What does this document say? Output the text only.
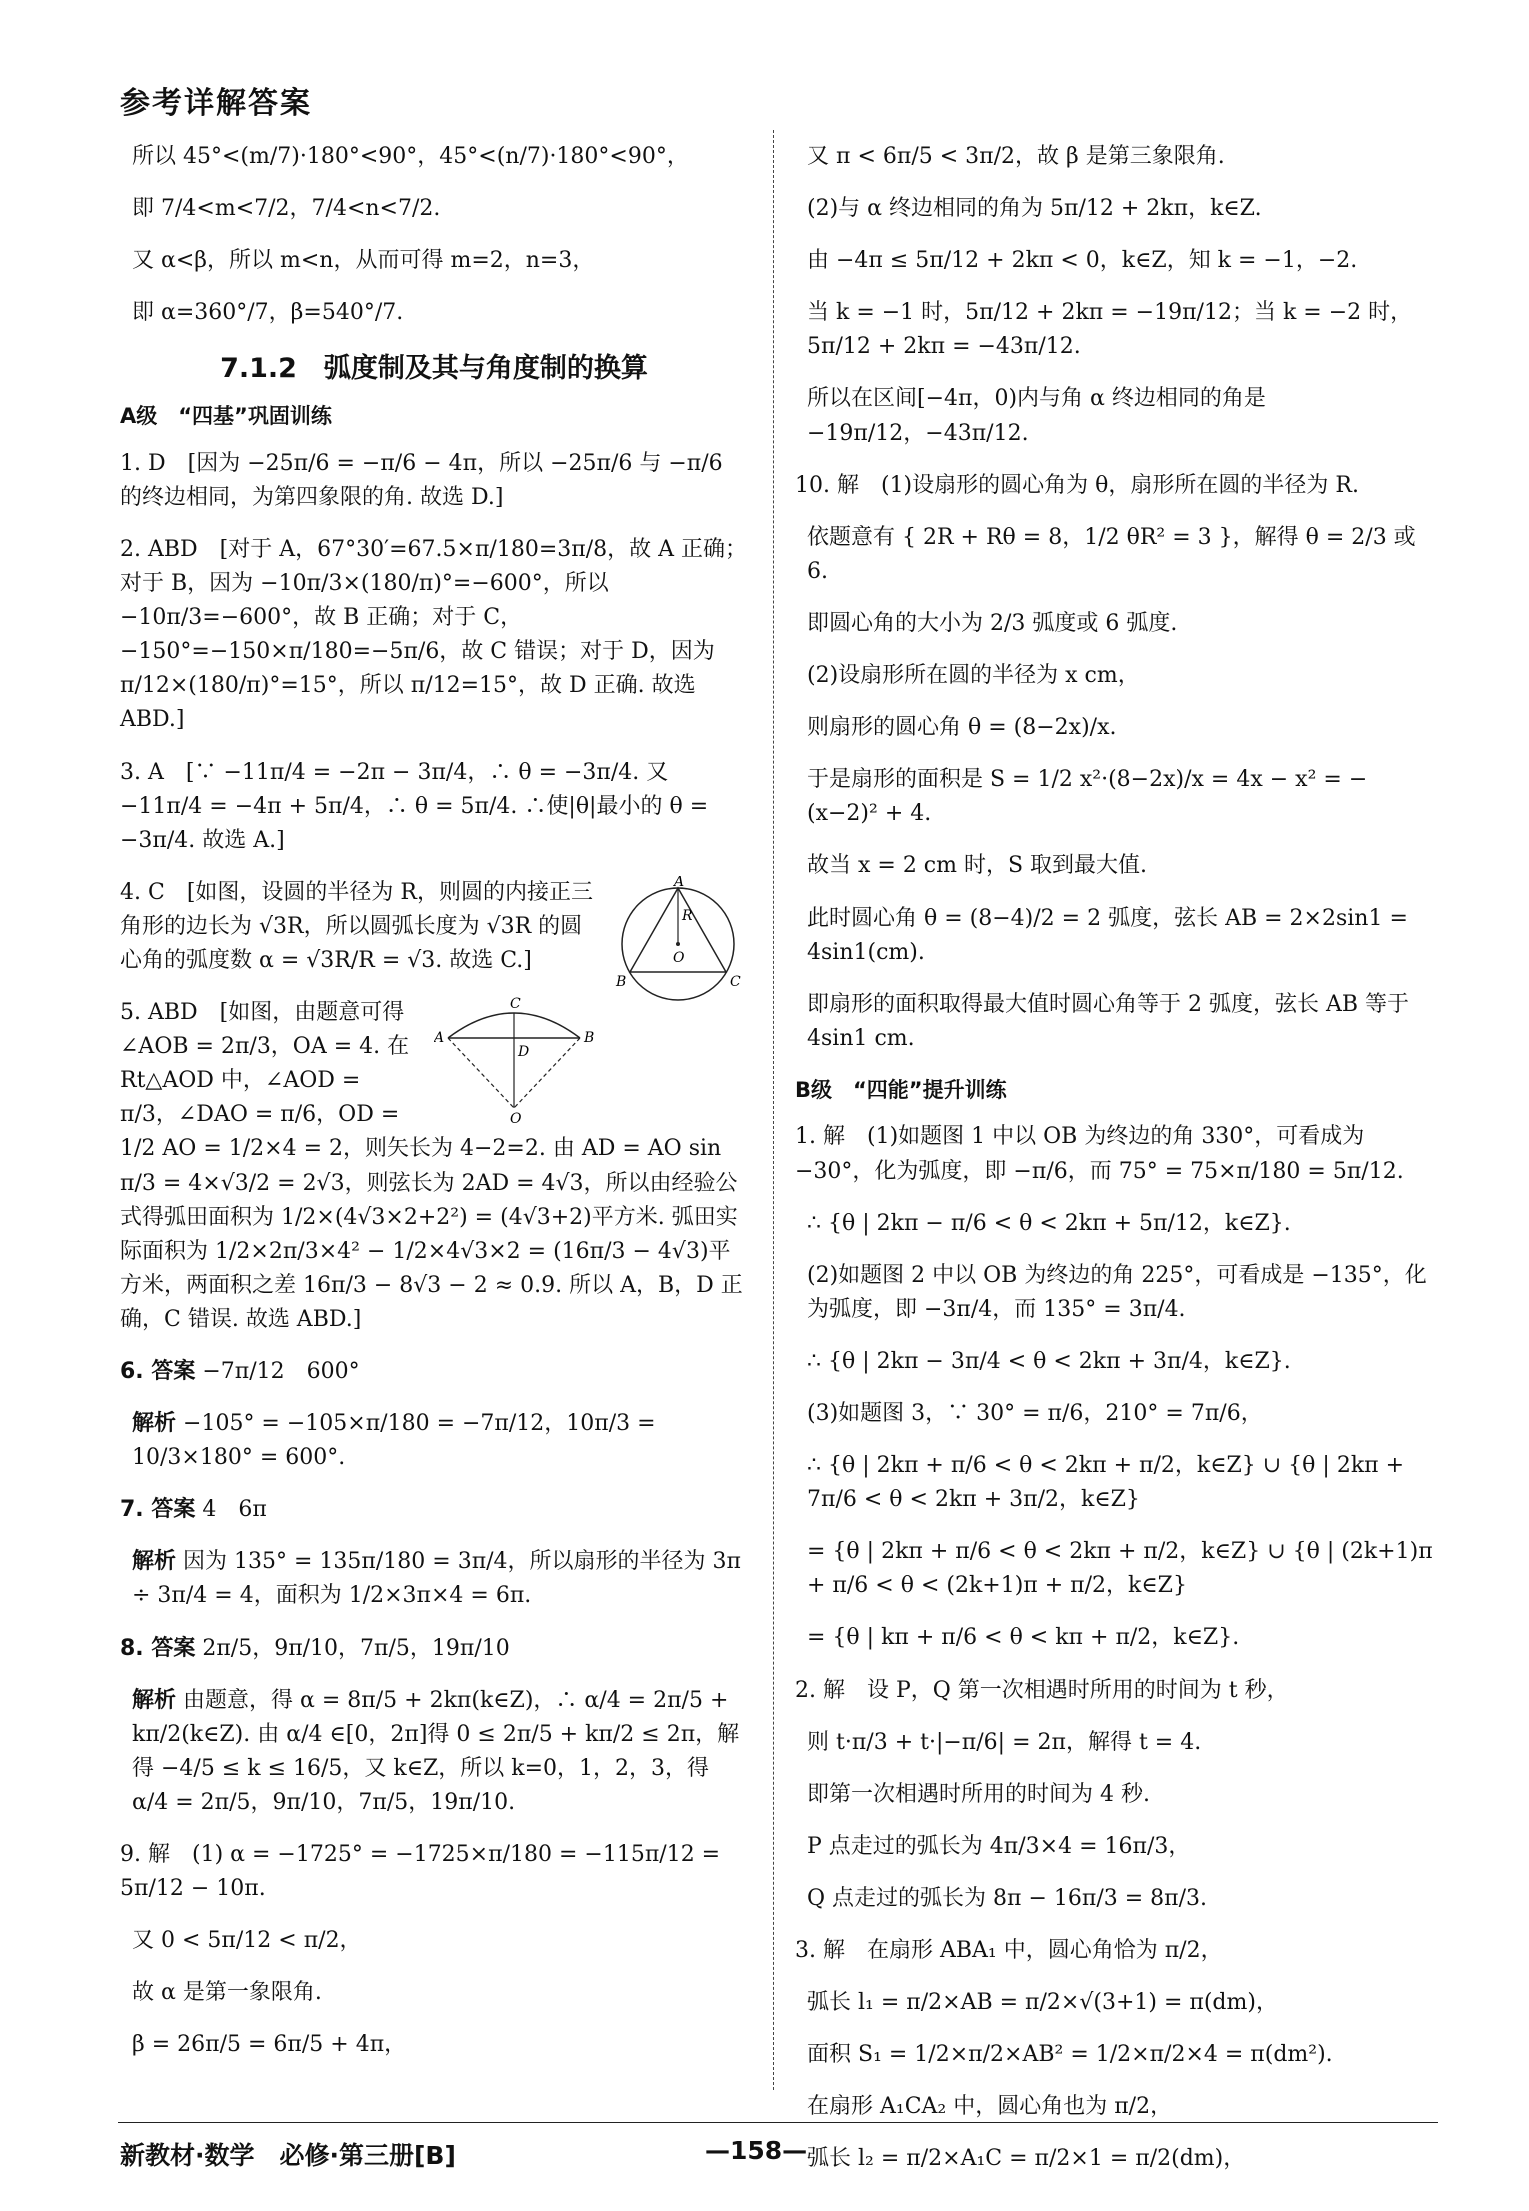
参考详解答案
所以 45°<(m/7)·180°<90°，45°<(n/7)·180°<90°，
即 7/4<m<7/2，7/4<n<7/2.
又 α<β，所以 m<n，从而可得 m=2，n=3，
即 α=360°/7，β=540°/7.
7.1.2　弧度制及其与角度制的换算
A级　“四基”巩固训练
1. D　[因为 −25π/6 = −π/6 − 4π，所以 −25π/6 与 −π/6 的终边相同，为第四象限的角. 故选 D.]
2. ABD　[对于 A，67°30′=67.5×π/180=3π/8，故 A 正确；对于 B，因为 −10π/3×(180/π)°=−600°，所以 −10π/3=−600°，故 B 正确；对于 C，−150°=−150×π/180=−5π/6，故 C 错误；对于 D，因为 π/12×(180/π)°=15°，所以 π/12=15°，故 D 正确. 故选 ABD.]
3. A　[∵ −11π/4 = −2π − 3π/4，∴ θ = −3π/4. 又 −11π/4 = −4π + 5π/4，∴ θ = 5π/4. ∴使|θ|最小的 θ = −3π/4. 故选 A.]
A
B	C
O
R
4. C　[如图，设圆的半径为 R，则圆的内接正三角形的边长为 √3R，所以圆弧长度为 √3R 的圆心角的弧度数 α = √3R/R = √3. 故选 C.]
C
A	B
D
O
5. ABD　[如图，由题意可得 ∠AOB = 2π/3，OA = 4. 在 Rt△AOD 中，∠AOD = π/3，∠DAO = π/6，OD = 1/2 AO = 1/2×4 = 2，则矢长为 4−2=2. 由 AD = AO sin π/3 = 4×√3/2 = 2√3，则弦长为 2AD = 4√3，所以由经验公式得弧田面积为 1/2×(4√3×2+2²) = (4√3+2)平方米. 弧田实际面积为 1/2×2π/3×4² − 1/2×4√3×2 = (16π/3 − 4√3)平方米，两面积之差 16π/3 − 8√3 − 2 ≈ 0.9. 所以 A，B，D 正确，C 错误. 故选 ABD.]
6. 答案 −7π/12　600°
解析 −105° = −105×π/180 = −7π/12，10π/3 = 10/3×180° = 600°.
7. 答案 4　6π
解析 因为 135° = 135π/180 = 3π/4，所以扇形的半径为 3π ÷ 3π/4 = 4，面积为 1/2×3π×4 = 6π.
8. 答案 2π/5，9π/10，7π/5，19π/10
解析 由题意，得 α = 8π/5 + 2kπ(k∈Z)，∴ α/4 = 2π/5 + kπ/2(k∈Z). 由 α/4 ∈[0，2π]得 0 ≤ 2π/5 + kπ/2 ≤ 2π，解得 −4/5 ≤ k ≤ 16/5，又 k∈Z，所以 k=0，1，2，3，得 α/4 = 2π/5，9π/10，7π/5，19π/10.
9. 解　(1) α = −1725° = −1725×π/180 = −115π/12 = 5π/12 − 10π.
又 0 < 5π/12 < π/2，
故 α 是第一象限角.
β = 26π/5 = 6π/5 + 4π，
又 π < 6π/5 < 3π/2，故 β 是第三象限角.
(2)与 α 终边相同的角为 5π/12 + 2kπ，k∈Z.
由 −4π ≤ 5π/12 + 2kπ < 0，k∈Z，知 k = −1，−2.
当 k = −1 时，5π/12 + 2kπ = −19π/12；当 k = −2 时，5π/12 + 2kπ = −43π/12.
所以在区间[−4π，0)内与角 α 终边相同的角是 −19π/12，−43π/12.
10. 解　(1)设扇形的圆心角为 θ，扇形所在圆的半径为 R.
依题意有 { 2R + Rθ = 8，1/2 θR² = 3 }，解得 θ = 2/3 或 6.
即圆心角的大小为 2/3 弧度或 6 弧度.
(2)设扇形所在圆的半径为 x cm，
则扇形的圆心角 θ = (8−2x)/x.
于是扇形的面积是 S = 1/2 x²·(8−2x)/x = 4x − x² = −(x−2)² + 4.
故当 x = 2 cm 时，S 取到最大值.
此时圆心角 θ = (8−4)/2 = 2 弧度，弦长 AB = 2×2sin1 = 4sin1(cm).
即扇形的面积取得最大值时圆心角等于 2 弧度，弦长 AB 等于 4sin1 cm.
B级　“四能”提升训练
1. 解　(1)如题图 1 中以 OB 为终边的角 330°，可看成为 −30°，化为弧度，即 −π/6，而 75° = 75×π/180 = 5π/12.
∴ {θ | 2kπ − π/6 < θ < 2kπ + 5π/12，k∈Z}.
(2)如题图 2 中以 OB 为终边的角 225°，可看成是 −135°，化为弧度，即 −3π/4，而 135° = 3π/4.
∴ {θ | 2kπ − 3π/4 < θ < 2kπ + 3π/4，k∈Z}.
(3)如题图 3，∵ 30° = π/6，210° = 7π/6，
∴ {θ | 2kπ + π/6 < θ < 2kπ + π/2，k∈Z} ∪ {θ | 2kπ + 7π/6 < θ < 2kπ + 3π/2，k∈Z}
= {θ | 2kπ + π/6 < θ < 2kπ + π/2，k∈Z} ∪ {θ | (2k+1)π + π/6 < θ < (2k+1)π + π/2，k∈Z}
= {θ | kπ + π/6 < θ < kπ + π/2，k∈Z}.
2. 解　设 P，Q 第一次相遇时所用的时间为 t 秒，
则 t·π/3 + t·|−π/6| = 2π，解得 t = 4.
即第一次相遇时所用的时间为 4 秒.
P 点走过的弧长为 4π/3×4 = 16π/3，
Q 点走过的弧长为 8π − 16π/3 = 8π/3.
3. 解　在扇形 ABA₁ 中，圆心角恰为 π/2，
弧长 l₁ = π/2×AB = π/2×√(3+1) = π(dm)，
面积 S₁ = 1/2×π/2×AB² = 1/2×π/2×4 = π(dm²).
在扇形 A₁CA₂ 中，圆心角也为 π/2，
弧长 l₂ = π/2×A₁C = π/2×1 = π/2(dm)，
新教材·数学　必修·第三册[B]	—158—
